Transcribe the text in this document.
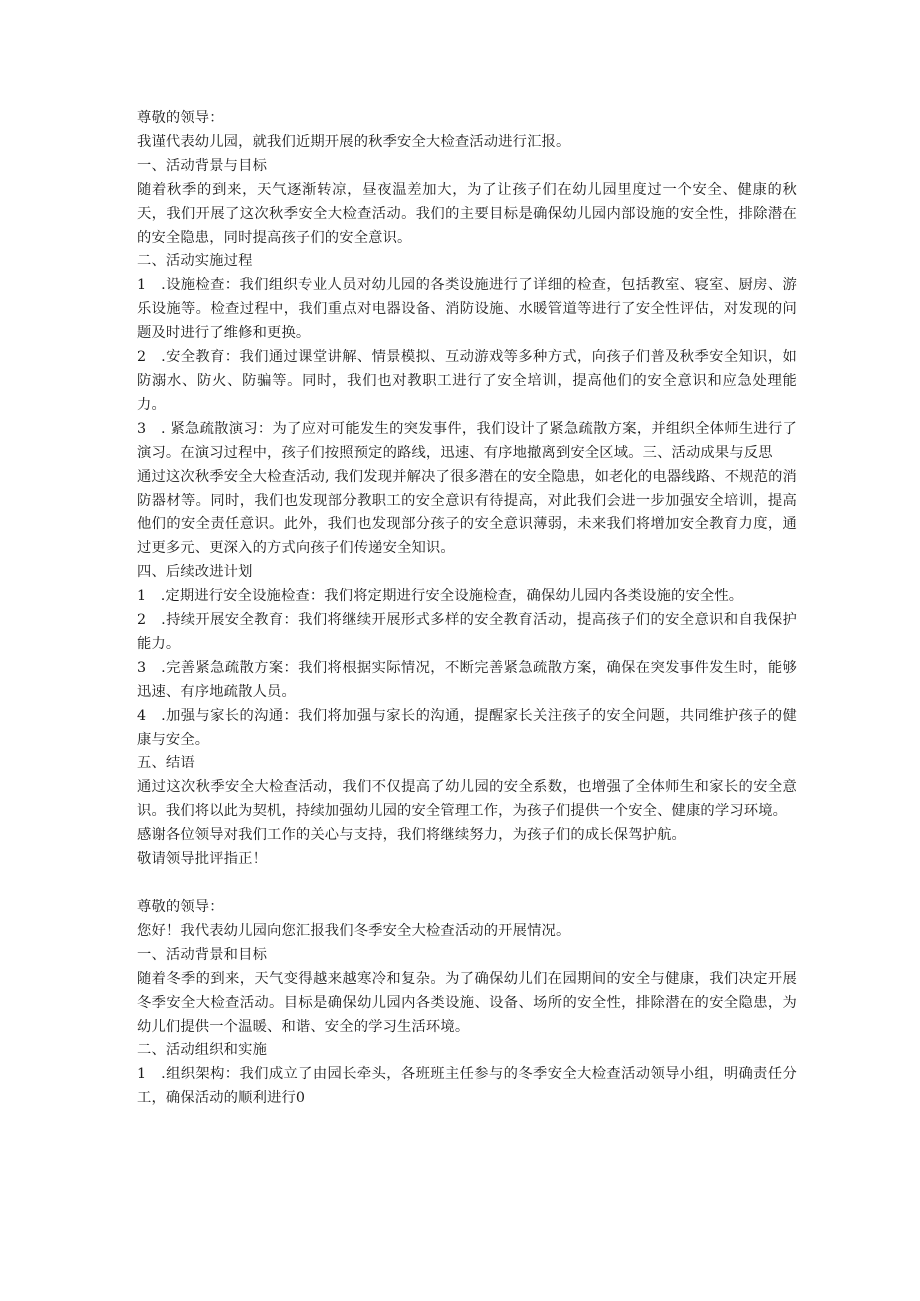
尊敬的领导：

我谨代表幼儿园，就我们近期开展的秋季安全大检查活动进行汇报。

一、活动背景与目标

随着秋季的到来，天气逐渐转凉，昼夜温差加大，为了让孩子们在幼儿园里度过一个安全、健康的秋天，我们开展了这次秋季安全大检查活动。我们的主要目标是确保幼儿园内部设施的安全性，排除潜在的安全隐患，同时提高孩子们的安全意识。

二、活动实施过程

1　.设施检查：我们组织专业人员对幼儿园的各类设施进行了详细的检查，包括教室、寝室、厨房、游乐设施等。检查过程中，我们重点对电器设备、消防设施、水暖管道等进行了安全性评估，对发现的问题及时进行了维修和更换。

2　.安全教育：我们通过课堂讲解、情景模拟、互动游戏等多种方式，向孩子们普及秋季安全知识，如防溺水、防火、防骗等。同时，我们也对教职工进行了安全培训，提高他们的安全意识和应急处理能力。

3　. 紧急疏散演习：为了应对可能发生的突发事件，我们设计了紧急疏散方案，并组织全体师生进行了演习。在演习过程中，孩子们按照预定的路线，迅速、有序地撤离到安全区域。三、活动成果与反思

通过这次秋季安全大检查活动, 我们发现并解决了很多潜在的安全隐患，如老化的电器线路、不规范的消防器材等。同时，我们也发现部分教职工的安全意识有待提高，对此我们会进一步加强安全培训，提高他们的安全责任意识。此外，我们也发现部分孩子的安全意识薄弱，未来我们将增加安全教育力度，通过更多元、更深入的方式向孩子们传递安全知识。

四、后续改进计划

1　.定期进行安全设施检查：我们将定期进行安全设施检查，确保幼儿园内各类设施的安全性。

2　.持续开展安全教育：我们将继续开展形式多样的安全教育活动，提高孩子们的安全意识和自我保护能力。

3　.完善紧急疏散方案：我们将根据实际情况，不断完善紧急疏散方案，确保在突发事件发生时，能够迅速、有序地疏散人员。

4　.加强与家长的沟通：我们将加强与家长的沟通，提醒家长关注孩子的安全问题，共同维护孩子的健康与安全。

五、结语

通过这次秋季安全大检查活动，我们不仅提高了幼儿园的安全系数，也增强了全体师生和家长的安全意识。我们将以此为契机，持续加强幼儿园的安全管理工作，为孩子们提供一个安全、健康的学习环境。

感谢各位领导对我们工作的关心与支持，我们将继续努力，为孩子们的成长保驾护航。

敬请领导批评指正！

尊敬的领导：

您好！我代表幼儿园向您汇报我们冬季安全大检查活动的开展情况。

一、活动背景和目标

随着冬季的到来，天气变得越来越寒冷和复杂。为了确保幼儿们在园期间的安全与健康，我们决定开展冬季安全大检查活动。目标是确保幼儿园内各类设施、设备、场所的安全性，排除潜在的安全隐患，为幼儿们提供一个温暖、和谐、安全的学习生活环境。

二、活动组织和实施

1　.组织架构：我们成立了由园长牵头，各班班主任参与的冬季安全大检查活动领导小组，明确责任分工，确保活动的顺利进行0
